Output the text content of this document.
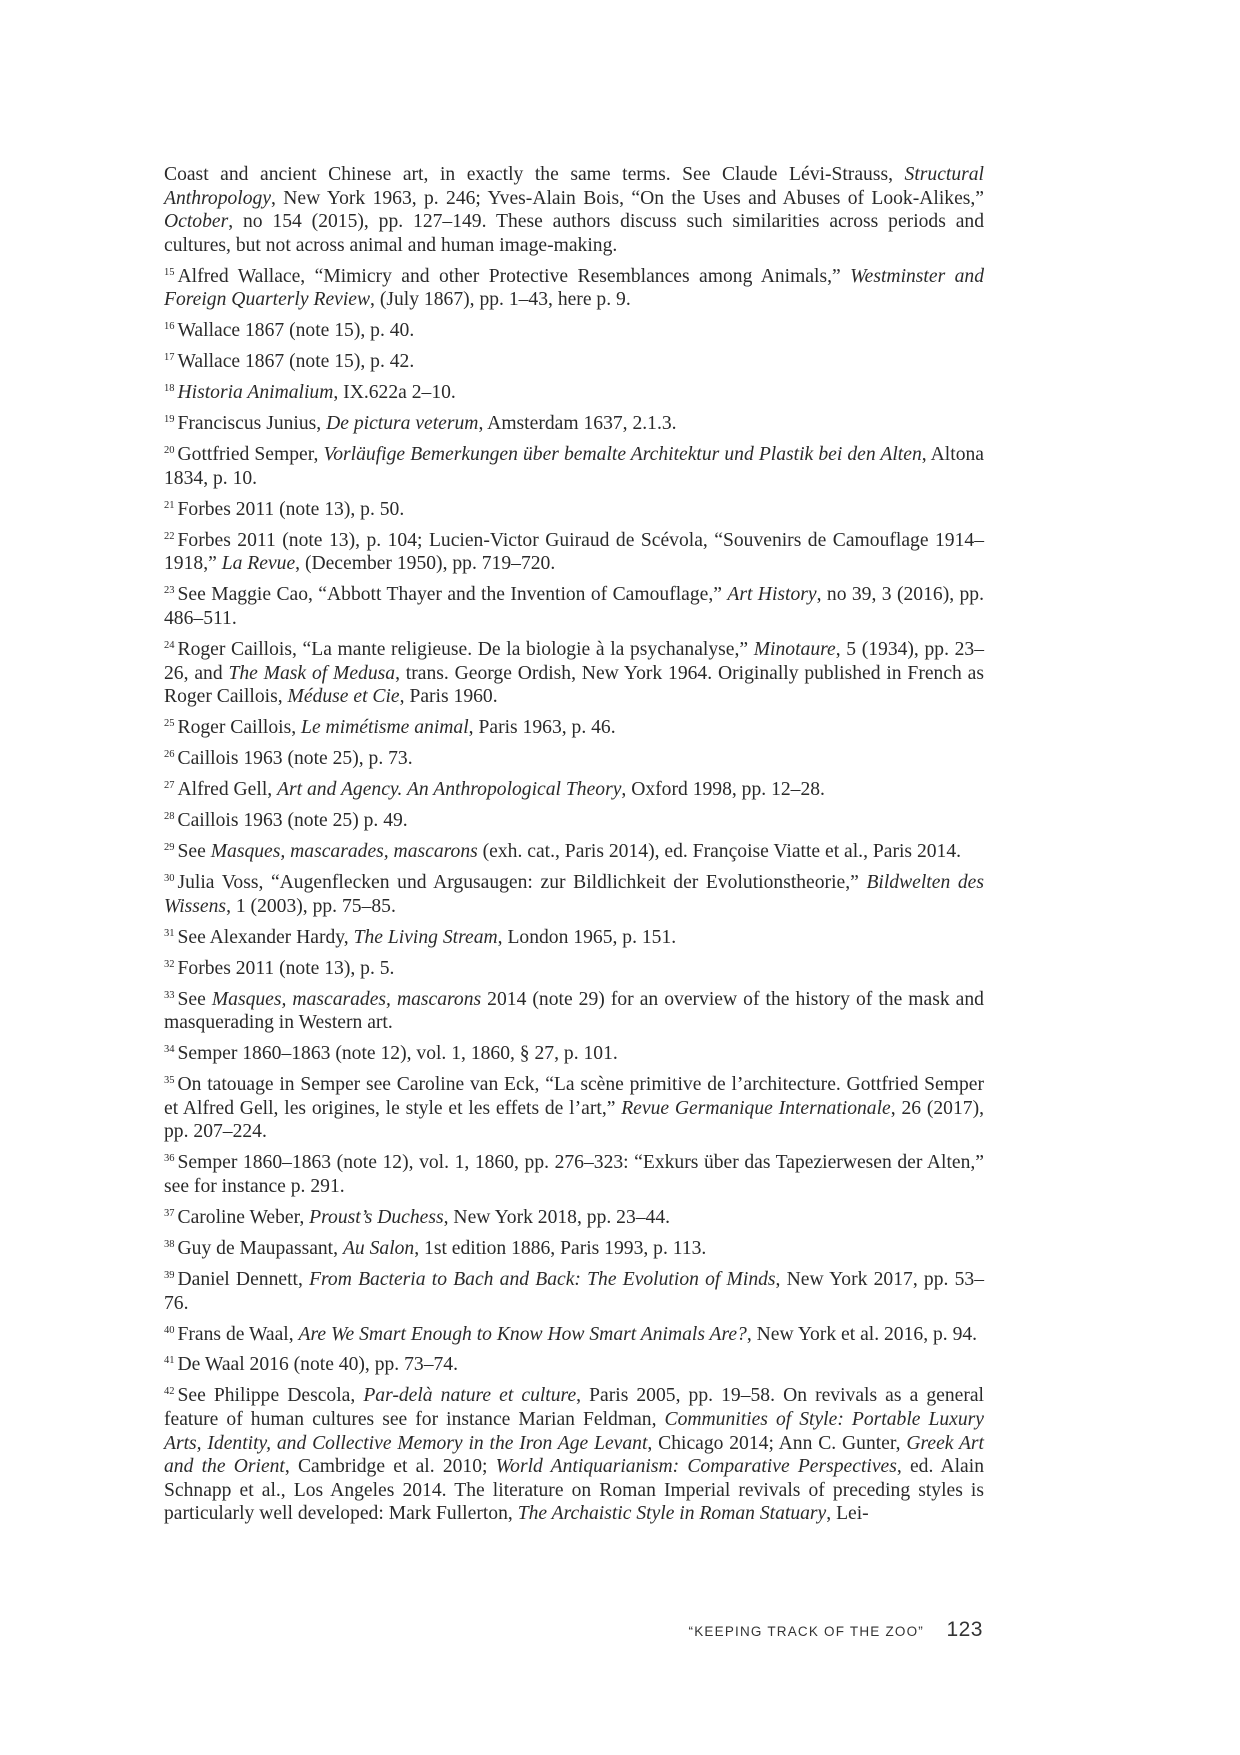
Coast and ancient Chinese art, in exactly the same terms. See Claude Lévi-Strauss, Structural Anthropology, New York 1963, p. 246; Yves-Alain Bois, “On the Uses and Abuses of Look-Alikes,” October, no 154 (2015), pp. 127–149. These authors discuss such similarities across periods and cultures, but not across animal and human image-making.

$^{15}$ Alfred Wallace, “Mimicry and other Protective Resemblances among Animals,” Westminster and Foreign Quarterly Review, (July 1867), pp. 1–43, here p. 9.

$^{16}$ Wallace 1867 (note 15), p. 40.

$^{17}$ Wallace 1867 (note 15), p. 42.

$^{18}$ Historia Animalium, IX.622a 2–10.

$^{19}$ Franciscus Junius, De pictura veterum, Amsterdam 1637, 2.1.3.

$^{20}$ Gottfried Semper, Vorläufige Bemerkungen über bemalte Architektur und Plastik bei den Alten, Altona 1834, p. 10.

$^{21}$ Forbes 2011 (note 13), p. 50.

$^{22}$ Forbes 2011 (note 13), p. 104; Lucien-Victor Guiraud de Scévola, “Souvenirs de Camouflage 1914–1918,” La Revue, (December 1950), pp. 719–720.

$^{23}$ See Maggie Cao, “Abbott Thayer and the Invention of Camouflage,” Art History, no 39, 3 (2016), pp. 486–511.

$^{24}$ Roger Caillois, “La mante religieuse. De la biologie à la psychanalyse,” Minotaure, 5 (1934), pp. 23–26, and The Mask of Medusa, trans. George Ordish, New York 1964. Originally published in French as Roger Caillois, Méduse et Cie, Paris 1960.

$^{25}$ Roger Caillois, Le mimétisme animal, Paris 1963, p. 46.

$^{26}$ Caillois 1963 (note 25), p. 73.

$^{27}$ Alfred Gell, Art and Agency. An Anthropological Theory, Oxford 1998, pp. 12–28.

$^{28}$ Caillois 1963 (note 25) p. 49.

$^{29}$ See Masques, mascarades, mascarons (exh. cat., Paris 2014), ed. Françoise Viatte et al., Paris 2014.

$^{30}$ Julia Voss, “Augenflecken und Argusaugen: zur Bildlichkeit der Evolutionstheorie,” Bildwelten des Wissens, 1 (2003), pp. 75–85.

$^{31}$ See Alexander Hardy, The Living Stream, London 1965, p. 151.

$^{32}$ Forbes 2011 (note 13), p. 5.

$^{33}$ See Masques, mascarades, mascarons 2014 (note 29) for an overview of the history of the mask and masquerading in Western art.

$^{34}$ Semper 1860–1863 (note 12), vol. 1, 1860, § 27, p. 101.

$^{35}$ On tatouage in Semper see Caroline van Eck, “La scène primitive de l’architecture. Gottfried Semper et Alfred Gell, les origines, le style et les effets de l’art,” Revue Germanique Internationale, 26 (2017), pp. 207–224.

$^{36}$ Semper 1860–1863 (note 12), vol. 1, 1860, pp. 276–323: “Exkurs über das Tapezierwesen der Alten,” see for instance p. 291.

$^{37}$ Caroline Weber, Proust’s Duchess, New York 2018, pp. 23–44.

$^{38}$ Guy de Maupassant, Au Salon, 1st edition 1886, Paris 1993, p. 113.

$^{39}$ Daniel Dennett, From Bacteria to Bach and Back: The Evolution of Minds, New York 2017, pp. 53–76.

$^{40}$ Frans de Waal, Are We Smart Enough to Know How Smart Animals Are?, New York et al. 2016, p. 94.

$^{41}$ De Waal 2016 (note 40), pp. 73–74.

$^{42}$ See Philippe Descola, Par-delà nature et culture, Paris 2005, pp. 19–58. On revivals as a general feature of human cultures see for instance Marian Feldman, Communities of Style: Portable Luxury Arts, Identity, and Collective Memory in the Iron Age Levant, Chicago 2014; Ann C. Gunter, Greek Art and the Orient, Cambridge et al. 2010; World Antiquarianism: Comparative Perspectives, ed. Alain Schnapp et al., Los Angeles 2014. The literature on Roman Imperial revivals of preceding styles is particularly well developed: Mark Fullerton, The Archaistic Style in Roman Statuary, Lei-

“KEEPING TRACK OF THE ZOO” 123
